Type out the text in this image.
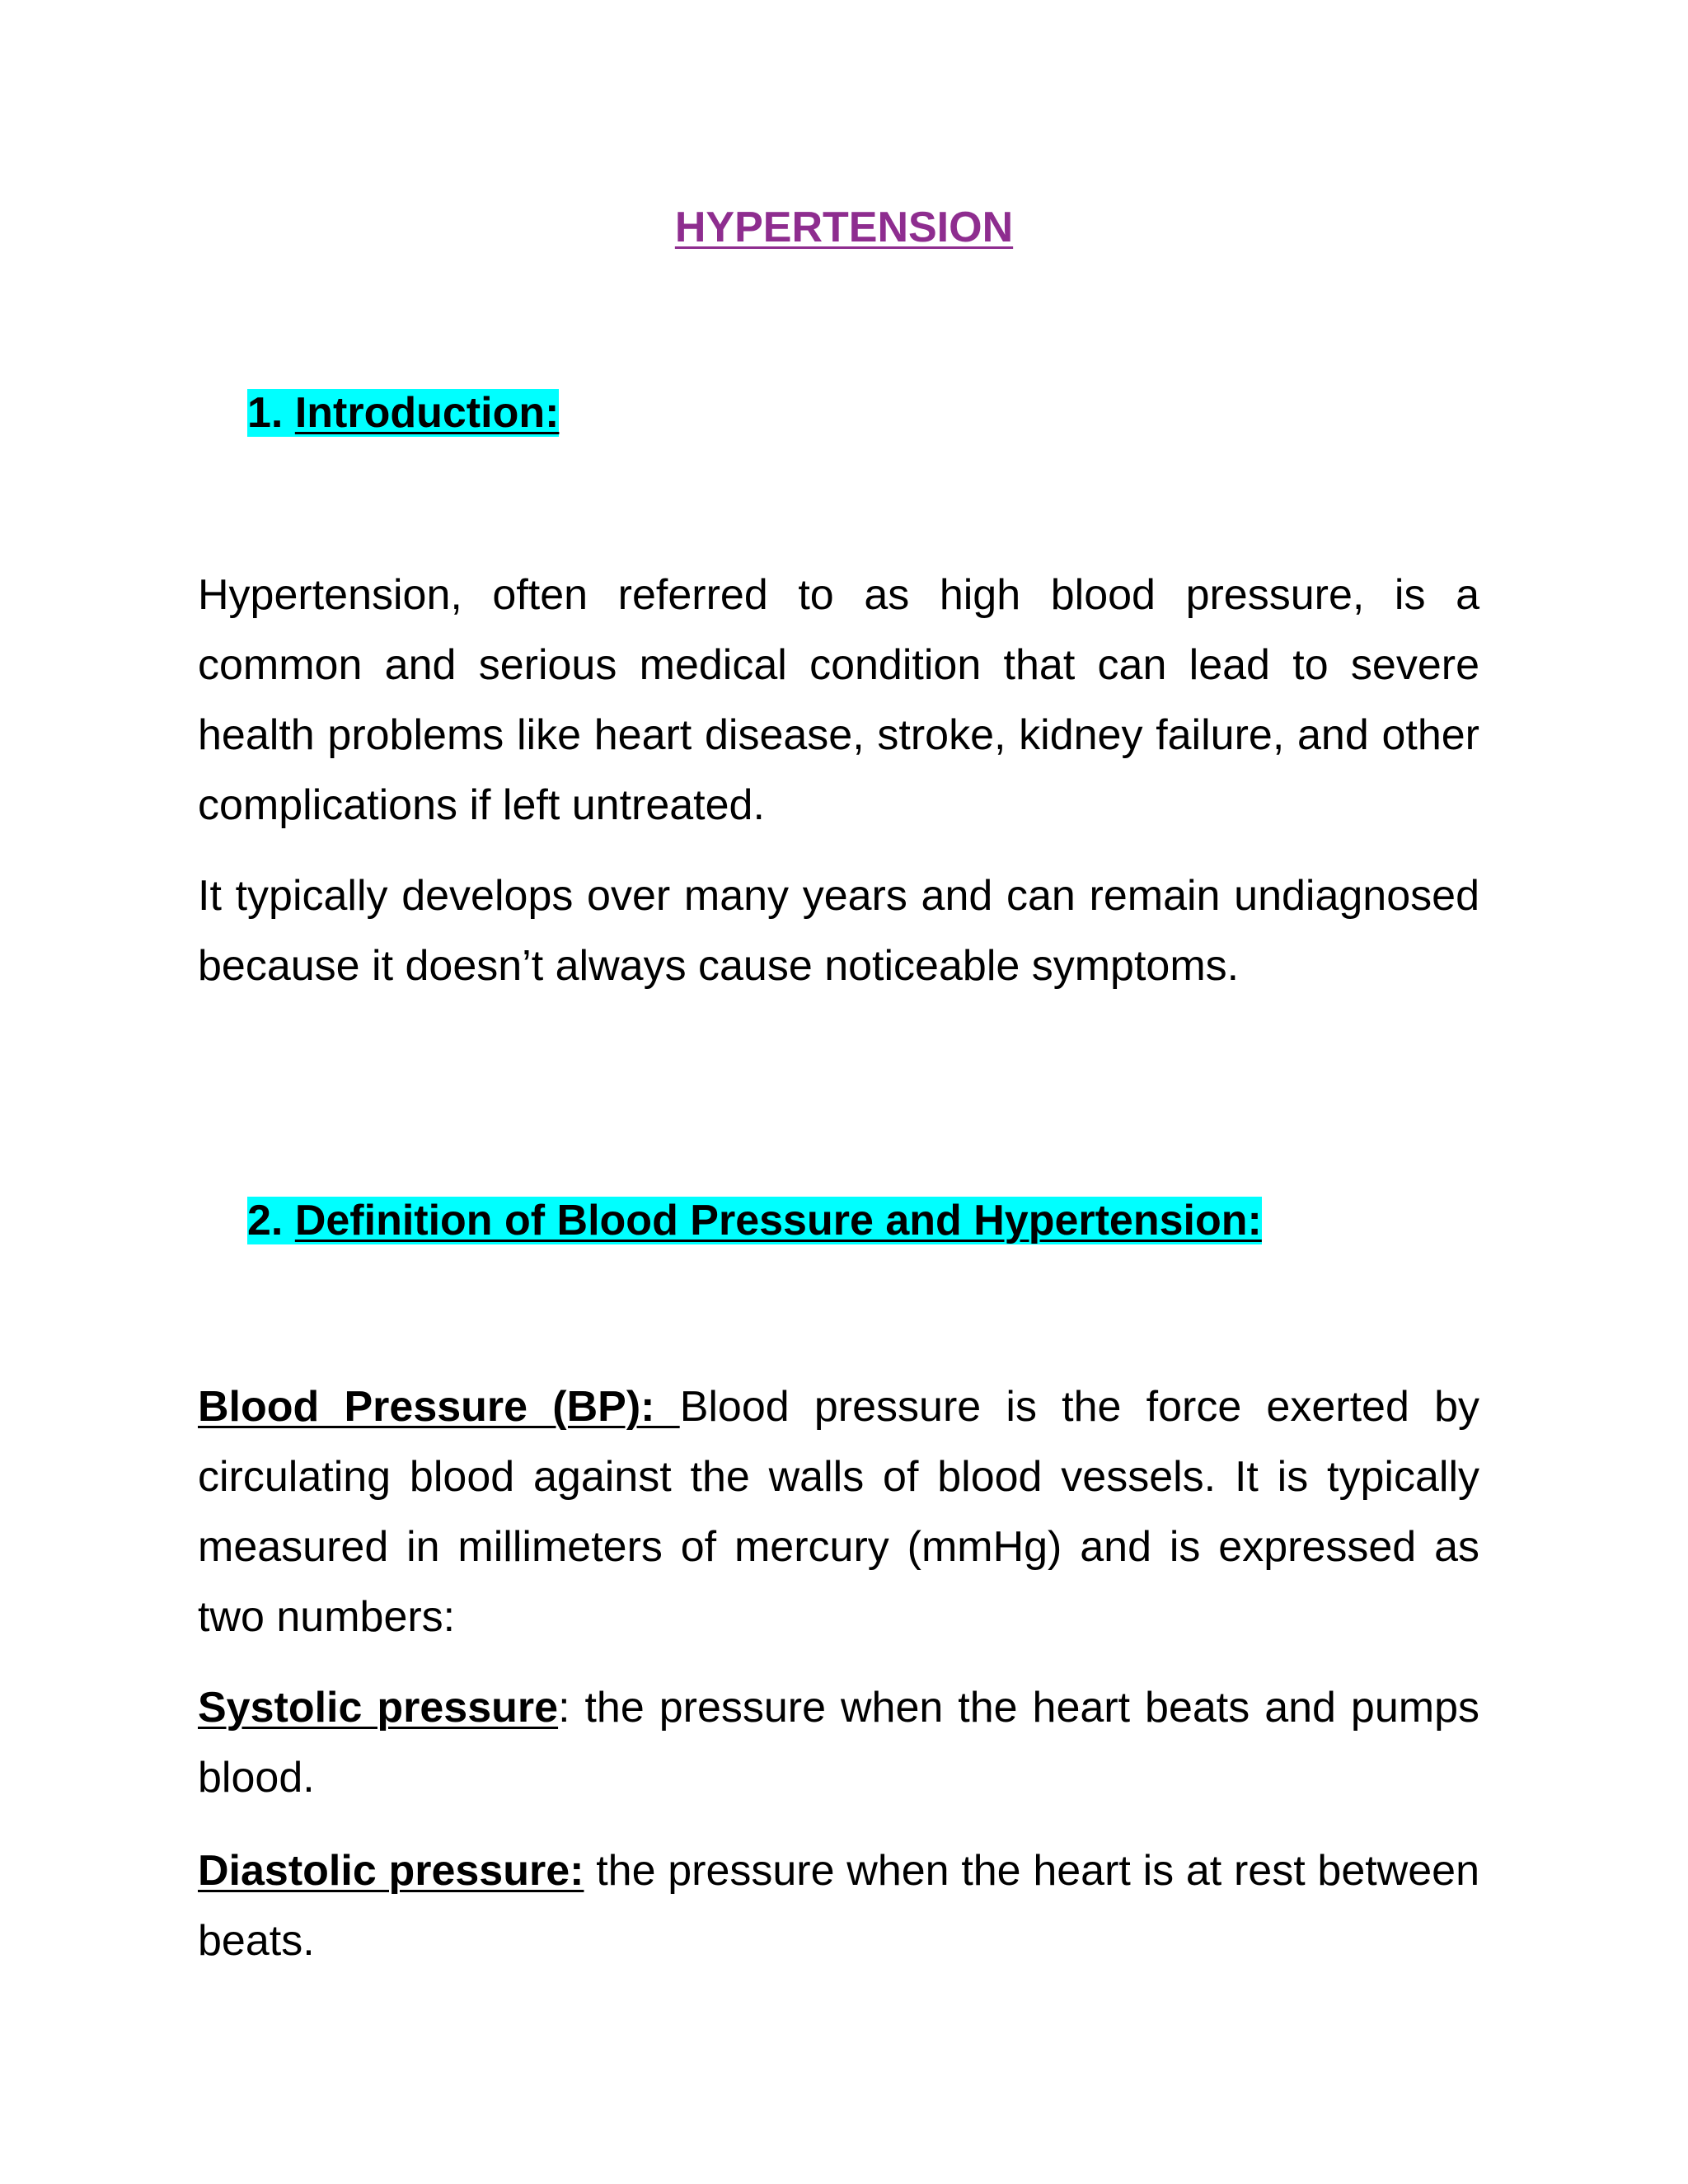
HYPERTENSION
1. Introduction:

Hypertension, often referred to as high blood pressure, is a common and serious medical condition that can lead to severe health problems like heart disease, stroke, kidney failure, and other complications if left untreated.

It typically develops over many years and can remain undiagnosed because it doesn’t always cause noticeable symptoms.

2. Definition of Blood Pressure and Hypertension:

Blood Pressure (BP): Blood pressure is the force exerted by circulating blood against the walls of blood vessels. It is typically measured in millimeters of mercury (mmHg) and is expressed as two numbers:

Systolic pressure: the pressure when the heart beats and pumps blood.

Diastolic pressure: the pressure when the heart is at rest between beats.
